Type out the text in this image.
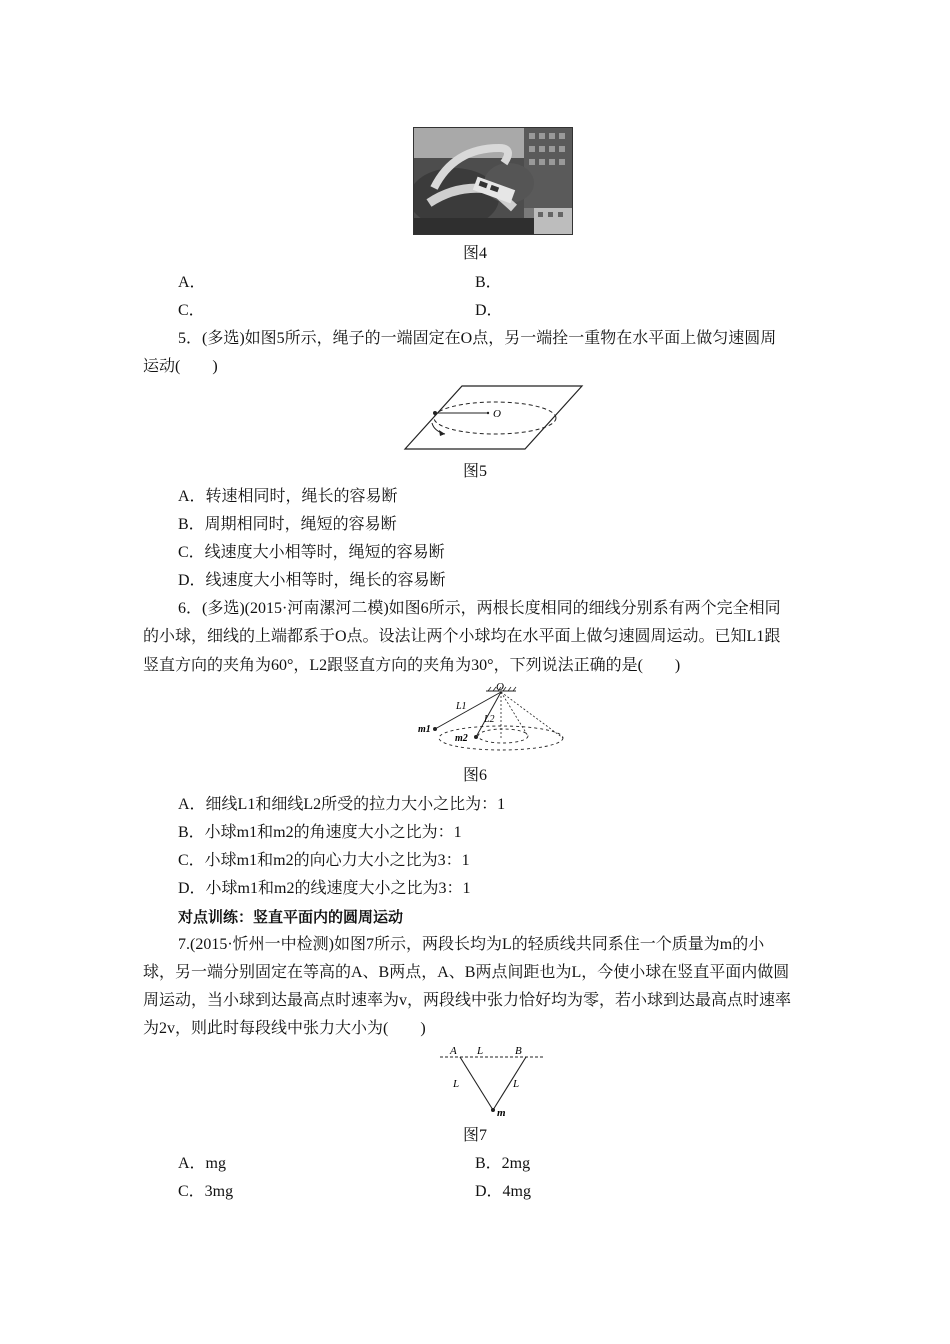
图4
A．	B．
C．	D．
5．(多选)如图5所示，绳子的一端固定在O点，另一端拴一重物在水平面上做匀速圆周
运动(　　)
O
图5
A．转速相同时，绳长的容易断
B．周期相同时，绳短的容易断
C．线速度大小相等时，绳短的容易断
D．线速度大小相等时，绳长的容易断
6．(多选)(2015·河南漯河二模)如图6所示，两根长度相同的细线分别系有两个完全相同
的小球，细线的上端都系于O点。设法让两个小球均在水平面上做匀速圆周运动。已知L1跟
竖直方向的夹角为60°，L2跟竖直方向的夹角为30°，下列说法正确的是(　　)
O
L1
L2
m1
m2
图6
A．细线L1和细线L2所受的拉力大小之比为：1
B．小球m1和m2的角速度大小之比为：1
C．小球m1和m2的向心力大小之比为3：1
D．小球m1和m2的线速度大小之比为3：1
对点训练：竖直平面内的圆周运动
7.(2015·忻州一中检测)如图7所示，两段长均为L的轻质线共同系住一个质量为m的小
球，另一端分别固定在等高的A、B两点，A、B两点间距也为L，今使小球在竖直平面内做圆
周运动，当小球到达最高点时速率为v，两段线中张力恰好均为零，若小球到达最高点时速率
为2v，则此时每段线中张力大小为(　　)
A L	B
L	L
m
图7
A．mg	B．2mg
C．3mg	D．4mg
